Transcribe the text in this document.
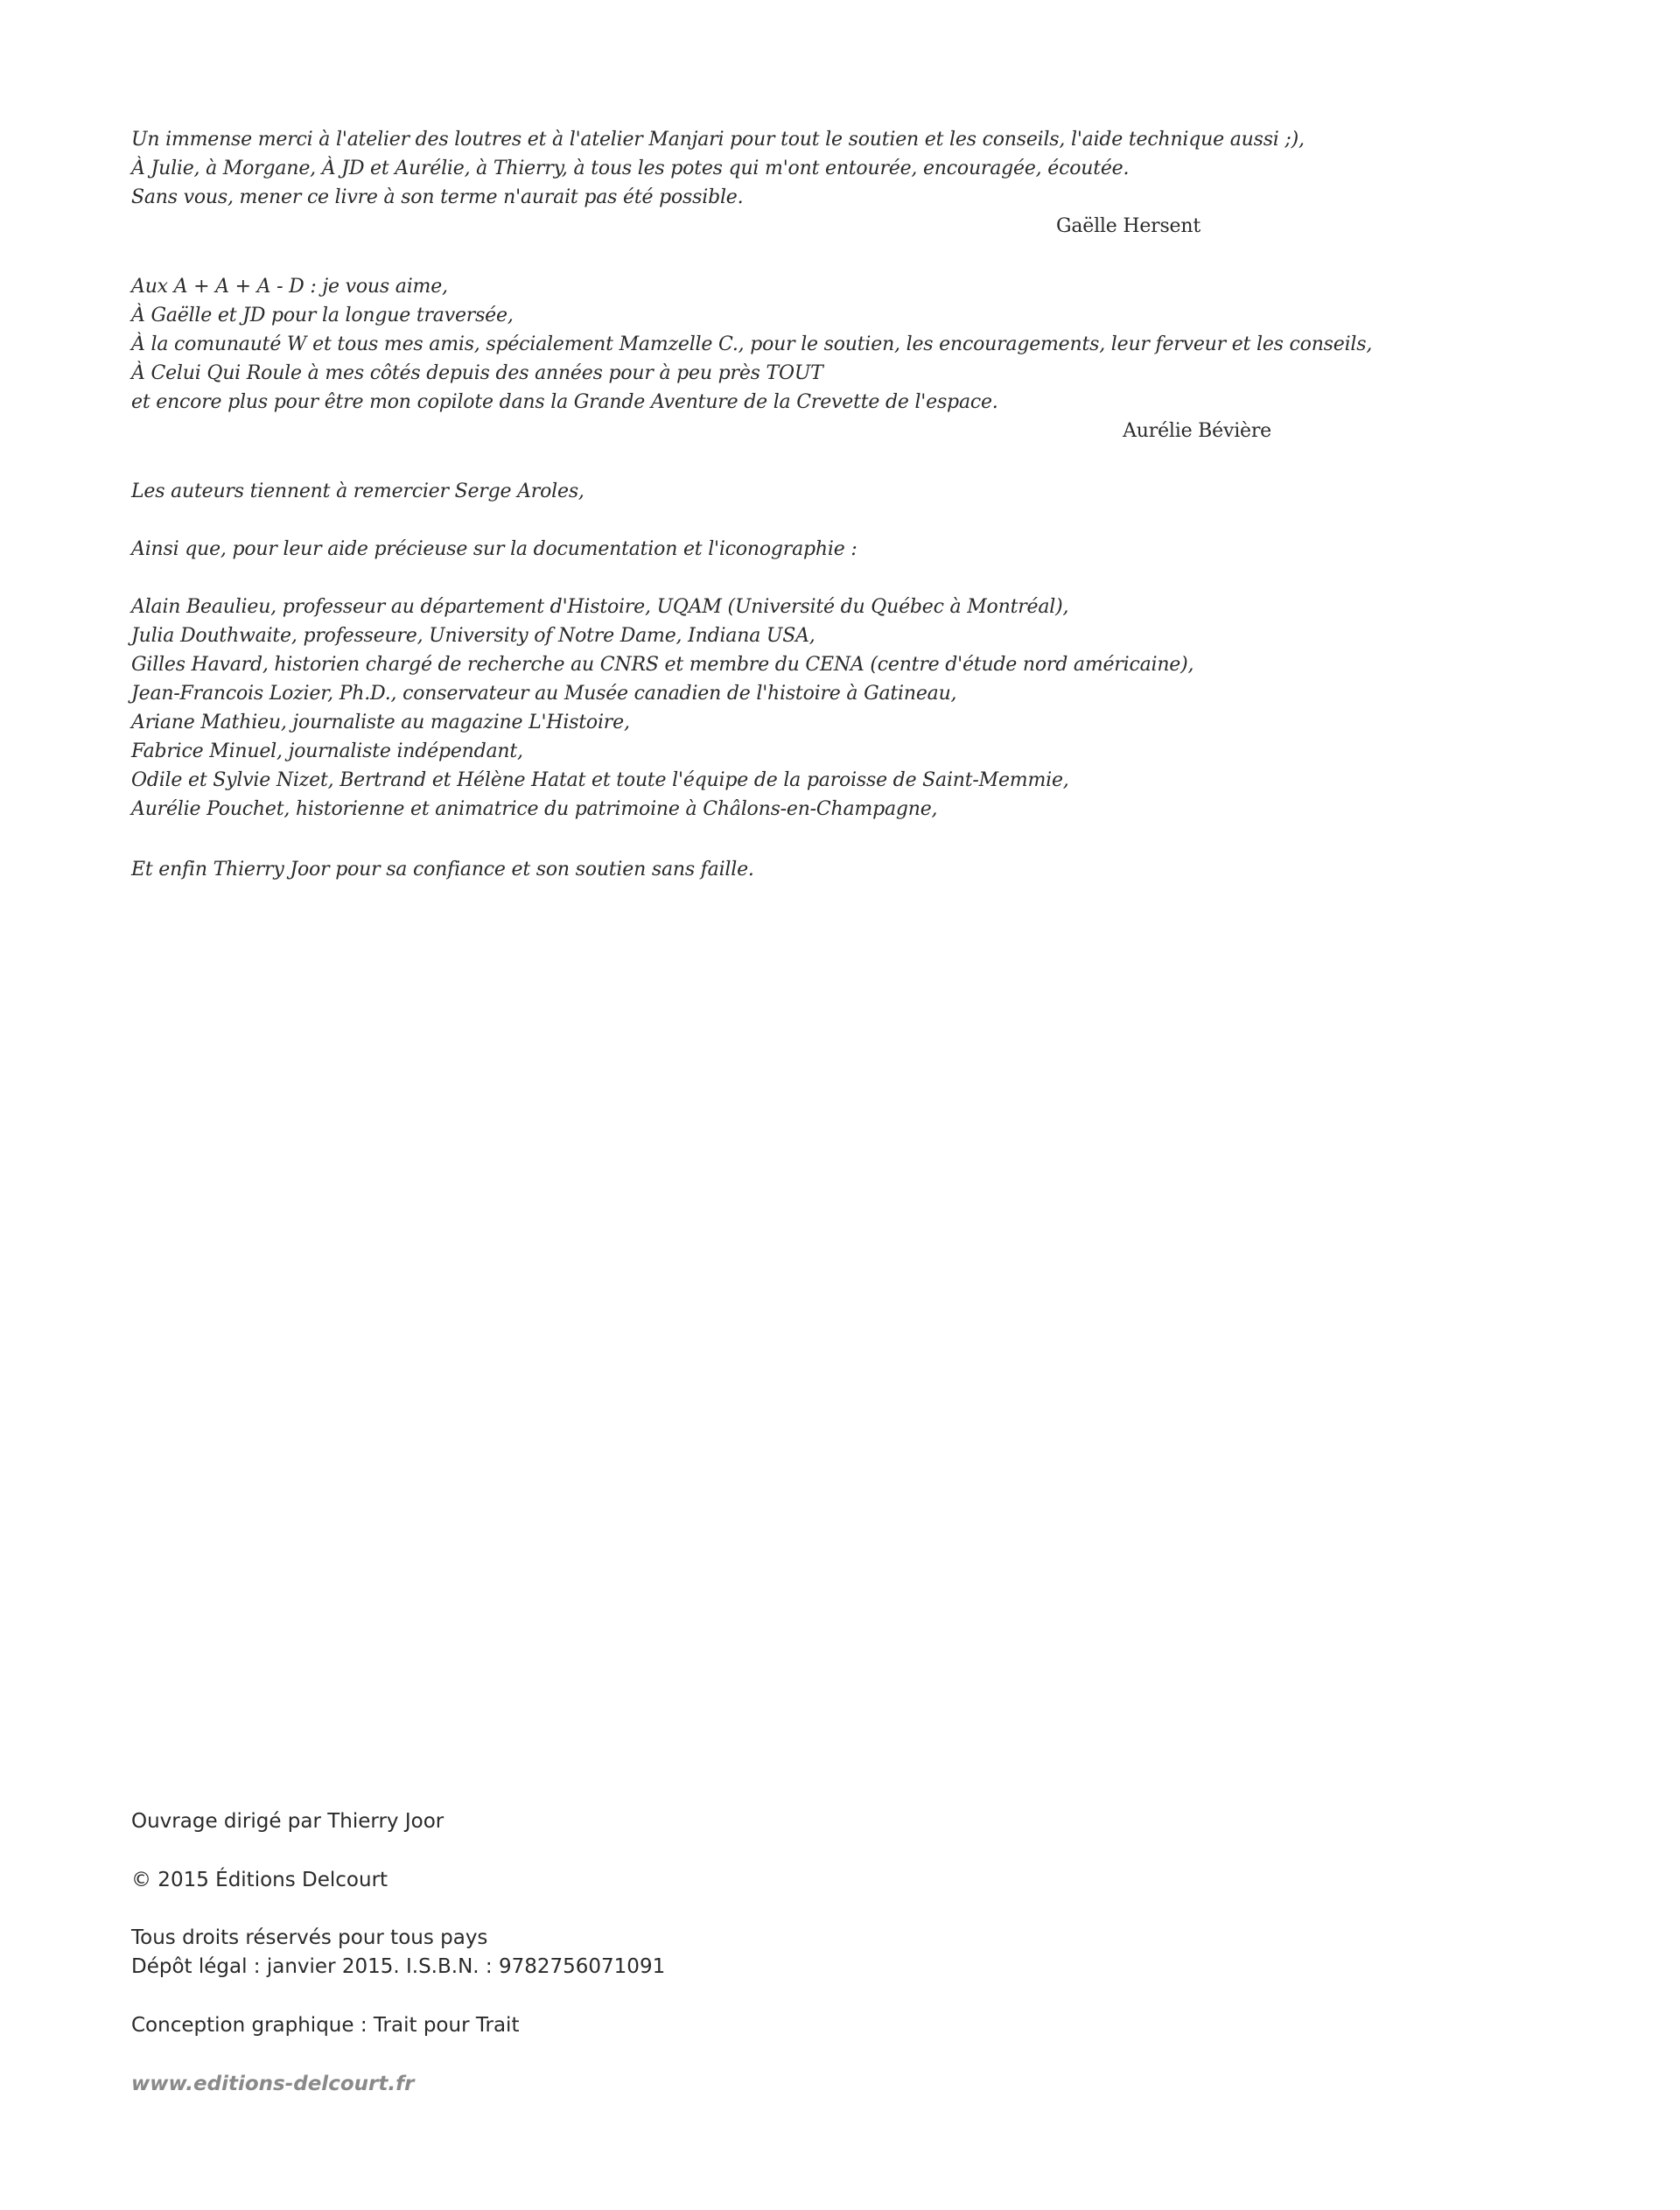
Un immense merci à l'atelier des loutres et à l'atelier Manjari pour tout le soutien et les conseils, l'aide technique aussi ;),
À Julie, à Morgane, À JD et Aurélie, à Thierry, à tous les potes qui m'ont entourée, encouragée, écoutée.
Sans vous, mener ce livre à son terme n'aurait pas été possible.
Gaëlle Hersent
Aux A + A + A - D : je vous aime,
À Gaëlle et JD pour la longue traversée,
À la comunauté W et tous mes amis, spécialement Mamzelle C., pour le soutien, les encouragements, leur ferveur et les conseils,
À Celui Qui Roule à mes côtés depuis des années pour à peu près TOUT
et encore plus pour être mon copilote dans la Grande Aventure de la Crevette de l'espace.
Aurélie Bévière
Les auteurs tiennent à remercier Serge Aroles,
Ainsi que, pour leur aide précieuse sur la documentation et l'iconographie :
Alain Beaulieu, professeur au département d'Histoire, UQAM (Université du Québec à Montréal),
Julia Douthwaite, professeure, University of Notre Dame, Indiana USA,
Gilles Havard, historien chargé de recherche au CNRS et membre du CENA (centre d'étude nord américaine),
Jean-Francois Lozier, Ph.D., conservateur au Musée canadien de l'histoire à Gatineau,
Ariane Mathieu, journaliste au magazine L'Histoire,
Fabrice Minuel, journaliste indépendant,
Odile et Sylvie Nizet, Bertrand et Hélène Hatat et toute l'équipe de la paroisse de Saint-Memmie,
Aurélie Pouchet, historienne et animatrice du patrimoine à Châlons-en-Champagne,
Et enfin Thierry Joor pour sa confiance et son soutien sans faille.
Ouvrage dirigé par Thierry Joor
© 2015 Éditions Delcourt
Tous droits réservés pour tous pays
Dépôt légal : janvier 2015. I.S.B.N. : 9782756071091
Conception graphique : Trait pour Trait
www.editions-delcourt.fr
